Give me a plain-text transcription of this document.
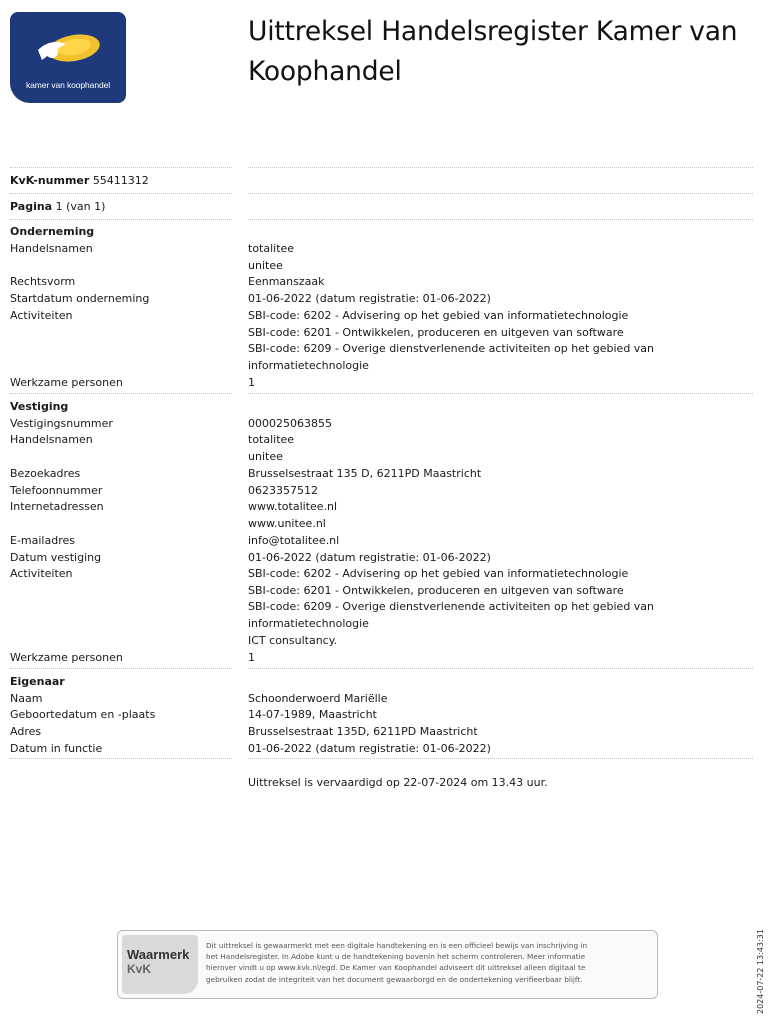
kamer van koophandel
Uittreksel Handelsregister Kamer van Koophandel
KvK-nummer 55411312
Pagina 1 (van 1)
Onderneming
Handelsnamen	totalitee
unitee
Rechtsvorm	Eenmanszaak
Startdatum onderneming	01-06-2022 (datum registratie: 01-06-2022)
Activiteiten	SBI-code: 6202 - Advisering op het gebied van informatietechnologie
SBI-code: 6201 - Ontwikkelen, produceren en uitgeven van software
SBI-code: 6209 - Overige dienstverlenende activiteiten op het gebied van
informatietechnologie
Werkzame personen	1
Vestiging
Vestigingsnummer	000025063855
Handelsnamen	totalitee
unitee
Bezoekadres	Brusselsestraat 135 D, 6211PD Maastricht
Telefoonnummer	0623357512
Internetadressen	www.totalitee.nl
www.unitee.nl
E-mailadres	info@totalitee.nl
Datum vestiging	01-06-2022 (datum registratie: 01-06-2022)
Activiteiten	SBI-code: 6202 - Advisering op het gebied van informatietechnologie
SBI-code: 6201 - Ontwikkelen, produceren en uitgeven van software
SBI-code: 6209 - Overige dienstverlenende activiteiten op het gebied van
informatietechnologie
ICT consultancy.
Werkzame personen	1
Eigenaar
Naam	Schoonderwoerd Mariëlle
Geboortedatum en -plaats	14-07-1989, Maastricht
Adres	Brusselsestraat 135D, 6211PD Maastricht
Datum in functie	01-06-2022 (datum registratie: 01-06-2022)
Uittreksel is vervaardigd op 22-07-2024 om 13.43 uur.
Waarmerk
KvK
Dit uittreksel is gewaarmerkt met een digitale handtekening en is een officieel bewijs van inschrijving in
het Handelsregister. In Adobe kunt u de handtekening bovenin het scherm controleren. Meer informatie
hierover vindt u op www.kvk.nl/egd. De Kamer van Koophandel adviseert dit uittreksel alleen digitaal te
gebruiken zodat de integriteit van het document gewaarborgd en de ondertekening verifieerbaar blijft.	2024-07-22 13:43:31
